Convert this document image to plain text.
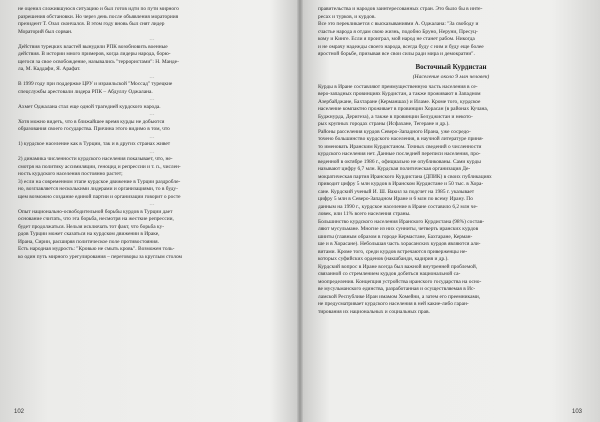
не оценил сложившуюся ситуацию и был готов идти по пути мирного

разрешения обстановки. Но через день после объявления мораториия

президент Т. Озал скончался. В этом году вновь был снят лидер

Мораторий был сорван.

…

Действия турецких властей вынудили РПК возобновить военные

действия. В истории много примеров, когда лидеры народа, борю-

щегося за свое освобождение, назывались "террористами": Н. Манде-

ла, М. Каддафи, Я. Арафат.

…

В 1999 году при поддержке ЦРУ и израильской "Моссад" турецкие

спецслужбы арестовали лидера РПК – Абдуллу Оджалана.

…

Ахмет Оджалана стал еще одной трагедией курдского народа.

…

Хотя можно видеть, что в ближайшее время курды не добьются

образования своего государства. Причина этого видимо в том, что

…

1) курдское население как в Турции, так и в других странах живет

…

2) динамика численности курдского населения показывает, что, не-

смотря на политику ассимиляции, геноцид и репрессии и т. п., числен-

ность курдского населения постоянно растет;

3) если на современном этапе курдское движение в Турции раздробле-

но, возглавляется несколькими лидерами и организациями, то в буду-

щем возможно создание единой партии и организации говорит о росте

…

Опыт национально-освободительной борьбы курдов в Турции дает

основание считать, что эта борьба, несмотря на жесткие репрессии,

будет продолжаться. Нельзя исключать тот факт, что борьба ку-

рдов Турции может сказаться на курдском движении в Ираке,

Ирана, Сирии, расширяя политическое поле противостояния.

Есть народная мудрость: "Кровью не смыть кровь". Возможен толь-

ко один путь мирного урегулирования – переговоры за круглым столом

102

правительства и народов заинтересованных стран. Это было бы в инте-

ресах и турков, и курдов.

Все это перекликается с высказываниями А. Оджалана: "За свободу и

счастье народа я отдам свою жизнь, подобно Бруно, Неруни, Пресуц-

кому и Кинге. Если я проиграл, мой народ не станет рабом. Никогда

и не омрачу надежды своего народа, всегда буду с ним и буду еще более

яростной борьбе, призывая все свои силы ради мира и демократии".

Восточный Курдистан
(Население около 9 млн человек)

Курды в Иране составляют преимущественную часть населения в се-

веро-западных провинциях Курдистан, а также проживают в Западном

Азербайджане, Бахтаране (Керманшах) и Иламе. Кроме того, курдское

население компактно проживает в провинции Хорасан (в районах Кучана,

Буджнурда, Деригеза), а также в провинции Белуджистан и некото-

рых крупных городах страны (Исфахане, Тегеране и др.).

Районы расселения курдов Северо-Западного Ирана, уже сосредо-

точено большинство курдского населения, в научной литературе приня-

то именовать Иранским Курдистаном. Точных сведений о численности

курдского населения нет. Данные последней переписи населения, про-

веденной в октябре 1986 г., официально не опубликованы. Сами курды

называют цифру 6,7 млн. Курдская политическая организация Де-

мократическая партия Иранского Курдистана (ДПИК) в своих публикациях

приводит цифру 5 млн курдов в Иранском Курдистане и 50 тыс. в Хора-

сане. Курдский ученый И. Ш. Вакил за подсчет на 1985 г. указывает

цифру 5 млн в Северо-Западном Иране и 6 млн по всему Ирану. По

данным на 1990 г., курдское население в Иране составило 6,2 млн че-

ловек, или 11% всего населения страны.

Большинство курдского населения Иранского Курдистана (98%) состав-

ляют мусульмане. Многие из них сунниты, четверть иранских курдов

шииты (главным образом в городе Кермастане, Бахтаране, Керман-

ше и в Хорасане). Небольшая часть хорасанских курдов являются али-

витами. Кроме того, среди курдов встречаются приверженцы не-

которых суфийских орденов (накшбанди, кадирия и др.).

Курдский вопрос в Иране всегда был важной внутренней проблемой,

связанной со стремлением курдов добиться национальной са-

моопределения. Концепция устройства иранского государства на осно-

ве мусульманского единства, разработанная и осуществляемая в Ис-

ламской Республике Иран имамом Хомейни, а затем его преемниками,

не предусматривает курдского населения в ней какие-либо гаран-

тирования их национальных и социальных прав.

103
